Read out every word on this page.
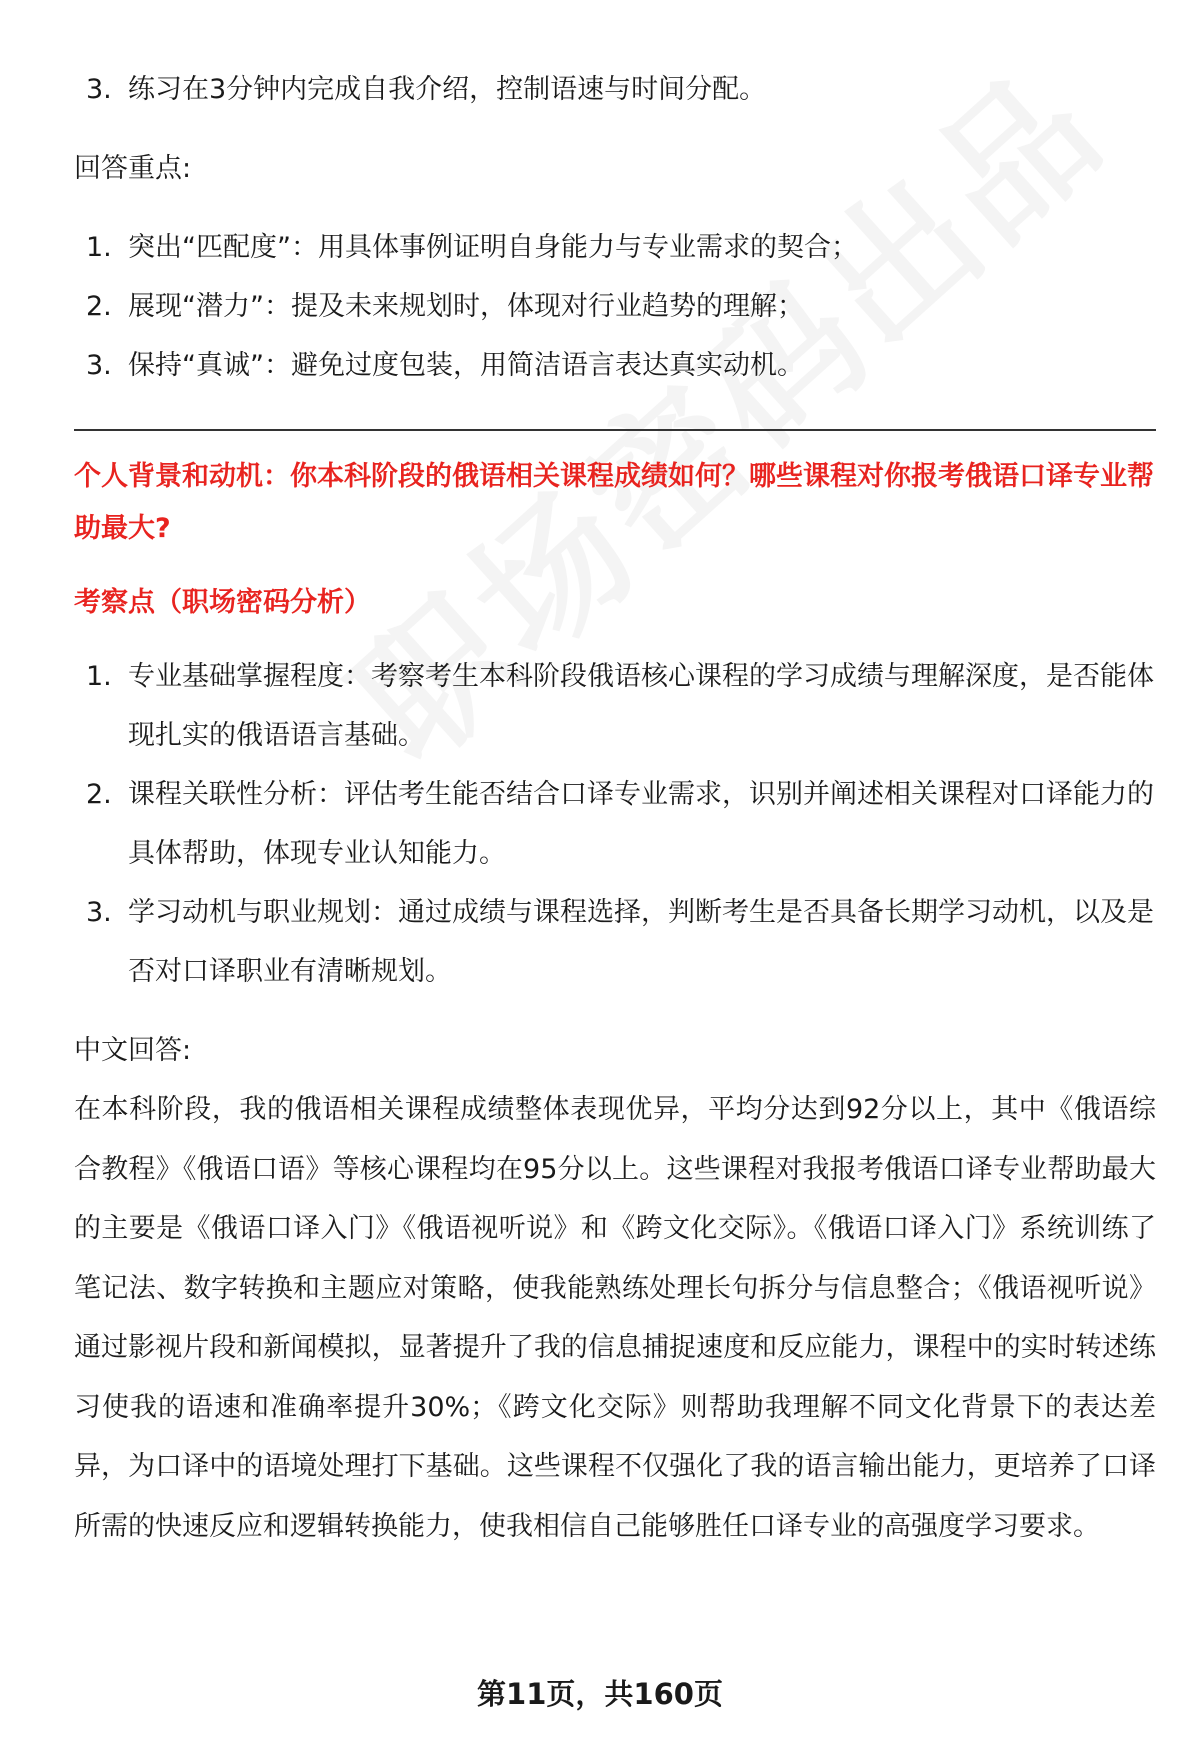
3. 练习在3分钟内完成自我介绍，控制语速与时间分配。

回答重点:

1. 突出“匹配度”：用具体事例证明自身能力与专业需求的契合；
2. 展现“潜力”：提及未来规划时，体现对行业趋势的理解；
3. 保持“真诚”：避免过度包装，用简洁语言表达真实动机。

个人背景和动机：你本科阶段的俄语相关课程成绩如何？哪些课程对你报考俄语口译专业帮助最大?

考察点（职场密码分析）

1. 专业基础掌握程度：考察考生本科阶段俄语核心课程的学习成绩与理解深度，是否能体现扎实的俄语语言基础。
2. 课程关联性分析：评估考生能否结合口译专业需求，识别并阐述相关课程对口译能力的具体帮助，体现专业认知能力。
3. 学习动机与职业规划：通过成绩与课程选择，判断考生是否具备长期学习动机，以及是否对口译职业有清晰规划。

中文回答:

在本科阶段，我的俄语相关课程成绩整体表现优异，平均分达到92分以上，其中《俄语综合教程》《俄语口语》等核心课程均在95分以上。这些课程对我报考俄语口译专业帮助最大的主要是《俄语口译入门》《俄语视听说》和《跨文化交际》。《俄语口译入门》系统训练了笔记法、数字转换和主题应对策略，使我能熟练处理长句拆分与信息整合；《俄语视听说》通过影视片段和新闻模拟，显著提升了我的信息捕捉速度和反应能力，课程中的实时转述练习使我的语速和准确率提升30%；《跨文化交际》则帮助我理解不同文化背景下的表达差异，为口译中的语境处理打下基础。这些课程不仅强化了我的语言输出能力，更培养了口译所需的快速反应和逻辑转换能力，使我相信自己能够胜任口译专业的高强度学习要求。

第11页，共160页
